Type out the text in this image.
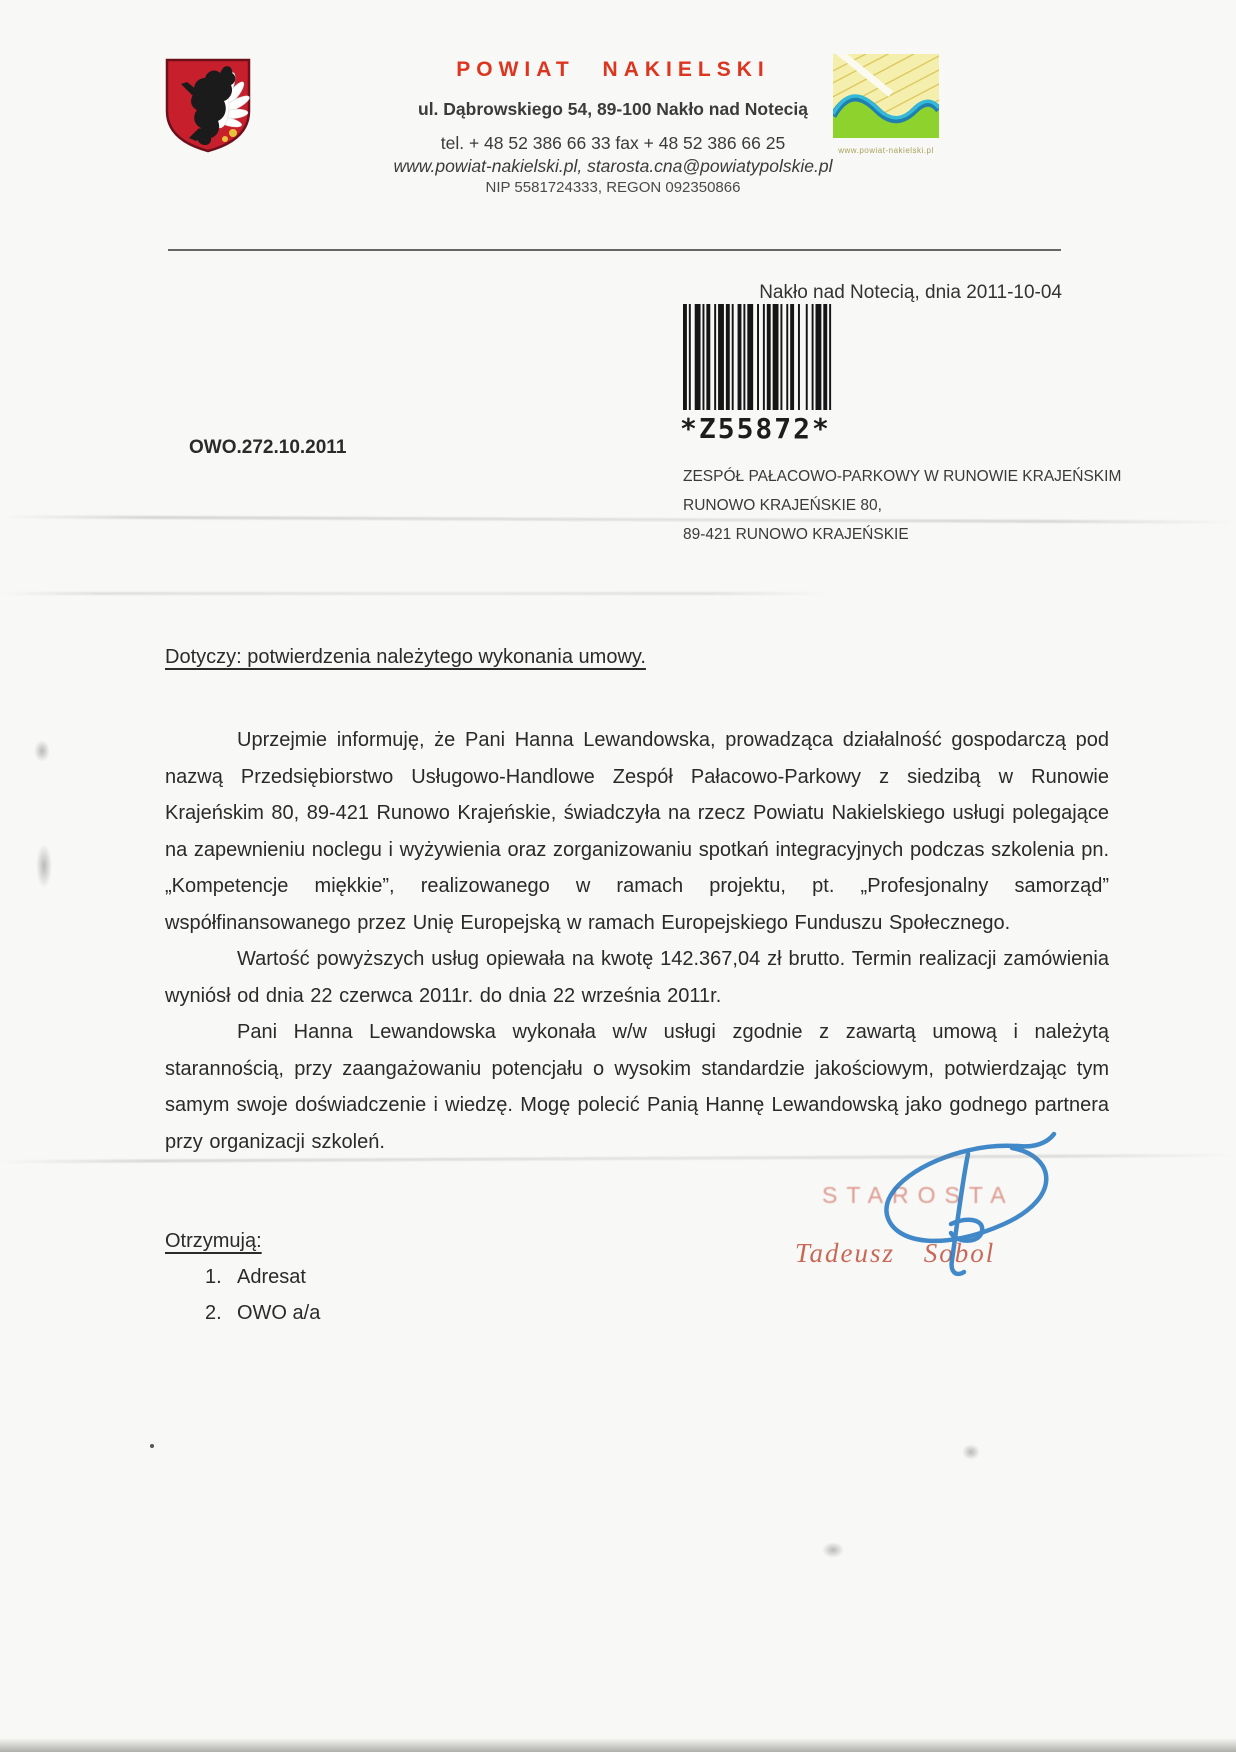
POWIAT NAKIELSKI
ul. Dąbrowskiego 54, 89-100 Nakło nad Notecią
tel. + 48 52 386 66 33 fax + 48 52 386 66 25
www.powiat-nakielski.pl, starosta.cna@powiatypolskie.pl
NIP 5581724333, REGON 092350866
www.powiat-nakielski.pl
Nakło nad Notecią, dnia 2011-10-04
*Z55872*
OWO.272.10.2011
ZESPÓŁ PAŁACOWO-PARKOWY W RUNOWIE KRAJEŃSKIM
RUNOWO KRAJEŃSKIE 80,
89-421 RUNOWO KRAJEŃSKIE
Dotyczy: potwierdzenia należytego wykonania umowy.

Uprzejmie informuję, że Pani Hanna Lewandowska, prowadząca działalność gospodarczą pod nazwą Przedsiębiorstwo Usługowo-Handlowe Zespół Pałacowo-Parkowy z siedzibą w Runowie Krajeńskim 80, 89-421 Runowo Krajeńskie, świadczyła na rzecz Powiatu Nakielskiego usługi polegające na zapewnieniu noclegu i wyżywienia oraz zorganizowaniu spotkań integracyjnych podczas szkolenia pn. „Kompetencje miękkie”, realizowanego w ramach projektu, pt. „Profesjonalny samorząd” współfinansowanego przez Unię Europejską w ramach Europejskiego Funduszu Społecznego.

Wartość powyższych usług opiewała na kwotę 142.367,04 zł brutto. Termin realizacji zamówienia wyniósł od dnia 22 czerwca 2011r. do dnia 22 września 2011r.

Pani Hanna Lewandowska wykonała w/w usługi zgodnie z zawartą umową i należytą starannością, przy zaangażowaniu potencjału o wysokim standardzie jakościowym, potwierdzając tym samym swoje doświadczenie i wiedzę. Mogę polecić Panią Hannę Lewandowską jako godnego partnera przy organizacji szkoleń.

Otrzymują:
1. Adresat
2. OWO a/a
STAROSTA
Tadeusz Sobol
